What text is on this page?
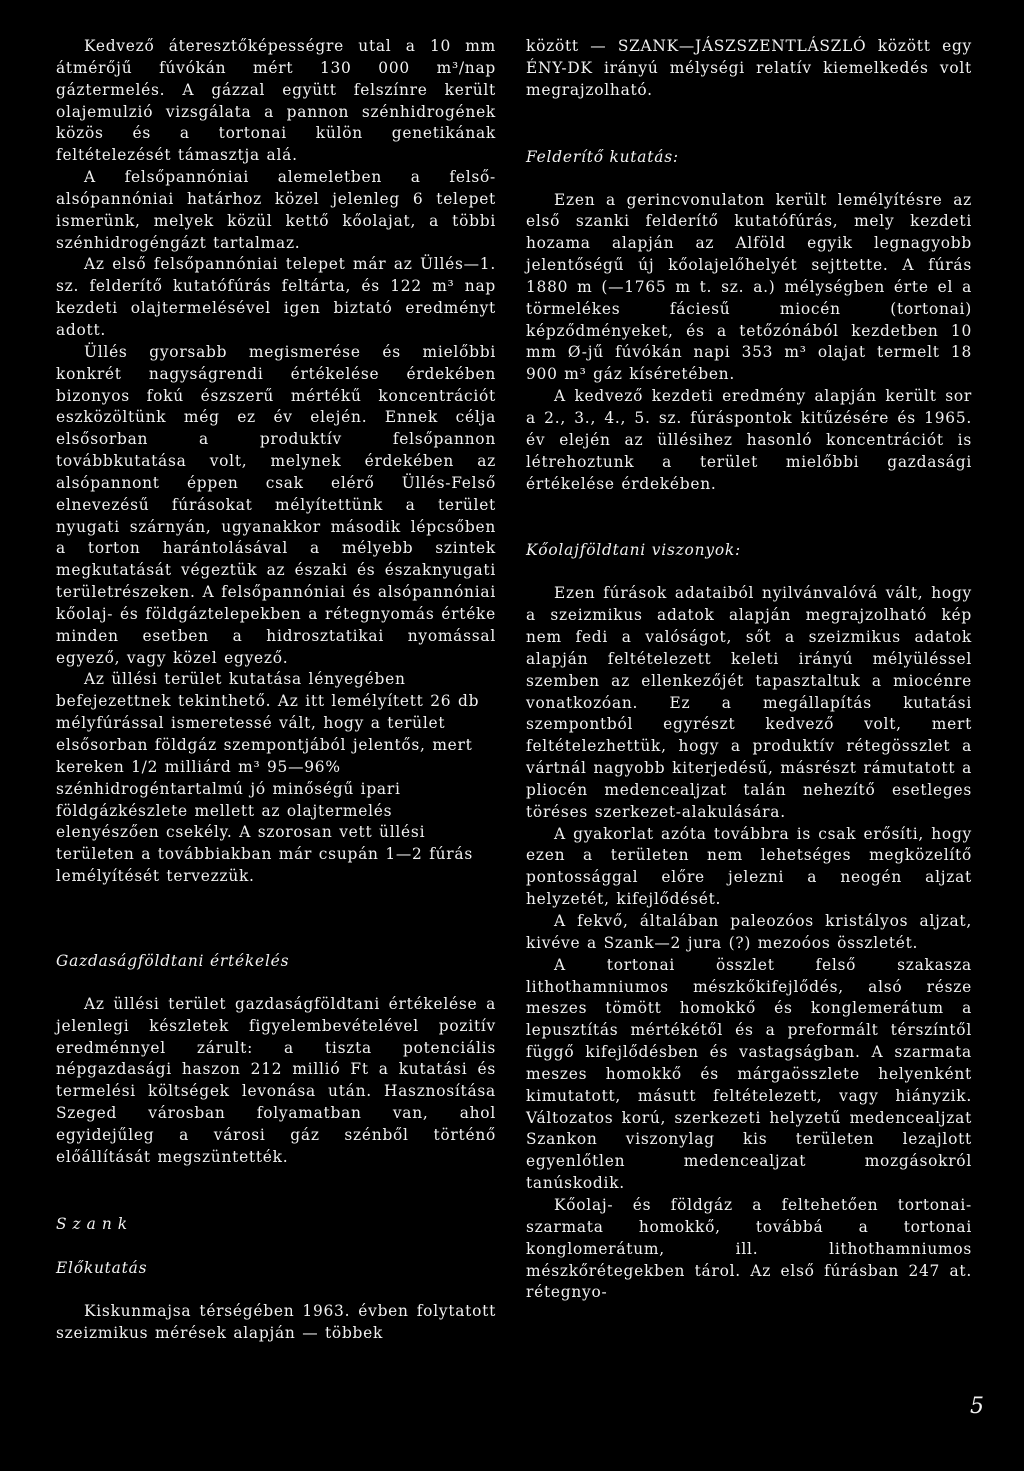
Kedvező áteresztőképességre utal a 10 mm átmérőjű fúvókán mért 130 000 m³/nap gáztermelés. A gázzal együtt felszínre került olajemulzió vizsgálata a pannon szénhidrogének közös és a tortonai külön genetikának feltételezését támasztja alá.

A felsőpannóniai alemeletben a felső-alsópannóniai határhoz közel jelenleg 6 telepet ismerünk, melyek közül kettő kőolajat, a többi szénhidrogéngázt tartalmaz.

Az első felsőpannóniai telepet már az Üllés—1. sz. felderítő kutatófúrás feltárta, és 122 m³ nap kezdeti olajtermelésével igen biztató eredményt adott.

Üllés gyorsabb megismerése és mielőbbi konkrét nagyságrendi értékelése érdekében bizonyos fokú észszerű mértékű koncentrációt eszközöltünk még ez év elején. Ennek célja elsősorban a produktív felsőpannon továbbkutatása volt, melynek érdekében az alsópannont éppen csak elérő Üllés-Felső elnevezésű fúrásokat mélyítettünk a terület nyugati szárnyán, ugyanakkor második lépcsőben a torton harántolásával a mélyebb szintek megkutatását végeztük az északi és északnyugati területrészeken. A felsőpannóniai és alsópannóniai kőolaj- és földgáztelepekben a rétegnyomás értéke minden esetben a hidrosztatikai nyomással egyező, vagy közel egyező.

Az üllési terület kutatása lényegében befejezettnek tekinthető. Az itt lemélyített 26 db mélyfúrással ismeretessé vált, hogy a terület elsősorban földgáz szempontjából jelentős, mert kereken 1/2 milliárd m³ 95—96% szénhidrogéntartalmú jó minőségű ipari földgázkészlete mellett az olajtermelés elenyészően csekély. A szorosan vett üllési területen a továbbiakban már csupán 1—2 fúrás lemélyítését tervezzük.

Gazdaságföldtani értékelés

Az üllési terület gazdaságföldtani értékelése a jelenlegi készletek figyelembevételével pozitív eredménnyel zárult: a tiszta potenciális népgazdasági haszon 212 millió Ft a kutatási és termelési költségek levonása után. Hasznosítása Szeged városban folyamatban van, ahol egyidejűleg a városi gáz szénből történő előállítását megszüntették.

Szank
Előkutatás

Kiskunmajsa térségében 1963. évben folytatott szeizmikus mérések alapján — többek

között — SZANK—JÁSZSZENTLÁSZLÓ között egy ÉNY-DK irányú mélységi relatív kiemelkedés volt megrajzolható.

Felderítő kutatás:

Ezen a gerincvonulaton került lemélyítésre az első szanki felderítő kutatófúrás, mely kezdeti hozama alapján az Alföld egyik legnagyobb jelentőségű új kőolajelőhelyét sejttette. A fúrás 1880 m (—1765 m t. sz. a.) mélységben érte el a törmelékes fáciesű miocén (tortonai) képződményeket, és a tetőzónából kezdetben 10 mm Ø-jű fúvókán napi 353 m³ olajat termelt 18 900 m³ gáz kíséretében.

A kedvező kezdeti eredmény alapján került sor a 2., 3., 4., 5. sz. fúráspontok kitűzésére és 1965. év elején az üllésihez hasonló koncentrációt is létrehoztunk a terület mielőbbi gazdasági értékelése érdekében.

Kőolajföldtani viszonyok:

Ezen fúrások adataiból nyilvánvalóvá vált, hogy a szeizmikus adatok alapján megrajzolható kép nem fedi a valóságot, sőt a szeizmikus adatok alapján feltételezett keleti irányú mélyüléssel szemben az ellenkezőjét tapasztaltuk a miocénre vonatkozóan. Ez a megállapítás kutatási szempontból egyrészt kedvező volt, mert feltételezhettük, hogy a produktív rétegösszlet a vártnál nagyobb kiterjedésű, másrészt rámutatott a pliocén medencealjzat talán nehezítő esetleges töréses szerkezet-alakulására.

A gyakorlat azóta továbbra is csak erősíti, hogy ezen a területen nem lehetséges megközelítő pontossággal előre jelezni a neogén aljzat helyzetét, kifejlődését.

A fekvő, általában paleozóos kristályos aljzat, kivéve a Szank—2 jura (?) mezoóos összletét.

A tortonai összlet felső szakasza lithothamniumos mészkőkifejlődés, alsó része meszes tömött homokkő és konglemerátum a lepusztítás mértékétől és a preformált térszíntől függő kifejlődésben és vastagságban. A szarmata meszes homokkő és márgaösszlete helyenként kimutatott, másutt feltételezett, vagy hiányzik. Változatos korú, szerkezeti helyzetű medencealjzat Szankon viszonylag kis területen lezajlott egyenlőtlen medencealjzat mozgásokról tanúskodik.

Kőolaj- és földgáz a feltehetően tortonai-szarmata homokkő, továbbá a tortonai konglomerátum, ill. lithothamniumos mészkőrétegekben tárol. Az első fúrásban 247 at. rétegnyo-

5
